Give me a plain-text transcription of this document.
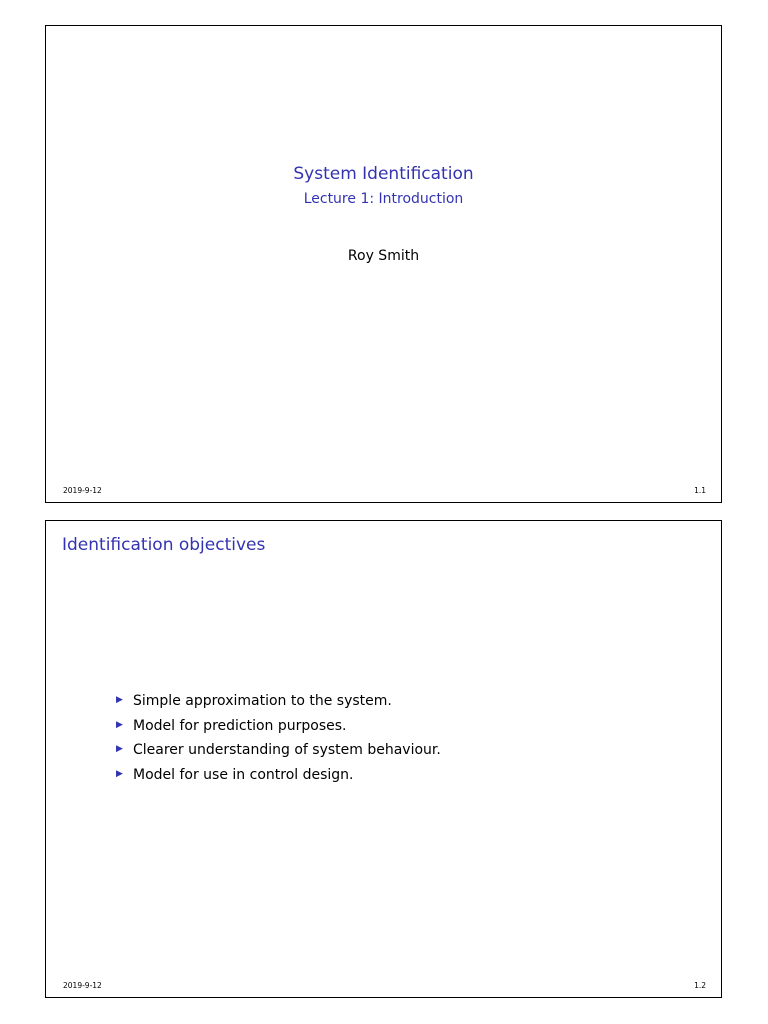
System Identification
Lecture 1: Introduction
Roy Smith
2019-9-12	1.1
Identification objectives
▶ Simple approximation to the system.
▶ Model for prediction purposes.
▶ Clearer understanding of system behaviour.
▶ Model for use in control design.
2019-9-12	1.2
